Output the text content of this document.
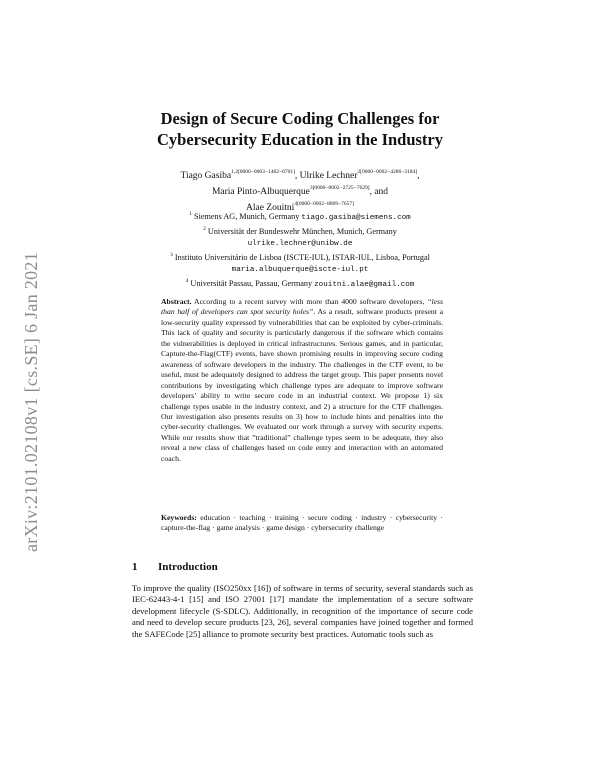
arXiv:2101.02108v1 [cs.SE] 6 Jan 2021
Design of Secure Coding Challenges for
Cybersecurity Education in the Industry
Tiago Gasiba$^{1,2[0000-0003-1462-6701]}$, Ulrike Lechner$^{2[0000-0002-4286-3184]}$,
Maria Pinto-Albuquerque$^{3[0000-0002-2725-7629]}$, and
Alae Zouitni$^{4[0000-0002-8809-7657]}$
$^1$ Siemens AG, Munich, Germany tiago.gasiba@siemens.com
$^2$ Universität der Bundeswehr München, Munich, Germany
ulrike.lechner@unibw.de
$^3$ Instituto Universitário de Lisboa (ISCTE-IUL), ISTAR-IUL, Lisboa, Portugal
maria.albuquerque@iscte-iul.pt
$^4$ Universität Passau, Passau, Germany zouitni.alae@gmail.com
Abstract. According to a recent survey with more than 4000 software developers, “less than half of developers can spot security holes”. As a result, software products present a low-security quality expressed by vulnerabilities that can be exploited by cyber-criminals. This lack of quality and security is particularly dangerous if the software which contains the vulnerabilities is deployed in critical infrastructures. Serious games, and in particular, Capture-the-Flag(CTF) events, have shown promising results in improving secure coding awareness of software developers in the industry. The challenges in the CTF event, to be useful, must be adequately designed to address the target group. This paper presents novel contributions by investigating which challenge types are adequate to improve software developers’ ability to write secure code in an industrial context. We propose 1) six challenge types usable in the industry context, and 2) a structure for the CTF challenges. Our investigation also presents results on 3) how to include hints and penalties into the cyber-security challenges. We evaluated our work through a survey with security experts. While our results show that ”traditional” challenge types seem to be adequate, they also reveal a new class of challenges based on code entry and interaction with an automated coach.
Keywords: education · teaching · training · secure coding · industry · cybersecurity · capture-the-flag · game analysis · game design · cybersecurity challenge
1 Introduction
To improve the quality (ISO250xx [16]) of software in terms of security, several standards such as IEC-62443-4-1 [15] and ISO 27001 [17] mandate the implementation of a secure software development lifecycle (S-SDLC). Additionally, in recognition of the importance of secure code and need to develop secure products [23, 26], several companies have joined together and formed the SAFECode [25] alliance to promote security best practices. Automatic tools such as
